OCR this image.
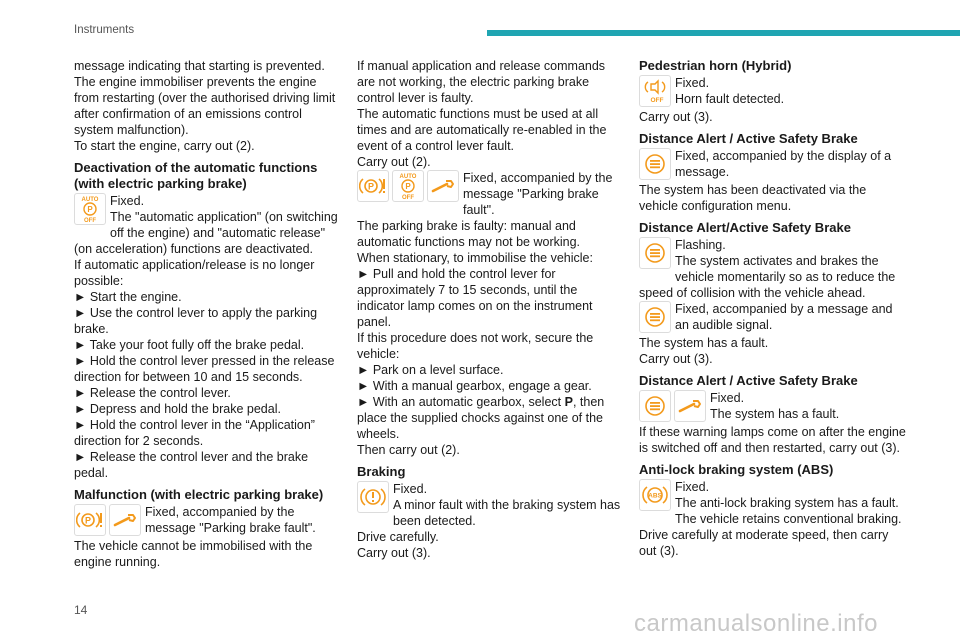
Instruments

message indicating that starting is prevented.

The engine immobiliser prevents the engine from restarting (over the authorised driving limit after confirmation of an emissions control system malfunction).

To start the engine, carry out (2).

Deactivation of the automatic functions (with electric parking brake)
AUTO
P
OFF

Fixed.

The "automatic application" (on switching off the engine) and "automatic release" (on acceleration) functions are deactivated.

If automatic application/release is no longer possible:

► Start the engine.

► Use the control lever to apply the parking brake.

► Take your foot fully off the brake pedal.

► Hold the control lever pressed in the release direction for between 10 and 15 seconds.

► Release the control lever.

► Depress and hold the brake pedal.

► Hold the control lever in the “Application” direction for 2 seconds.

► Release the control lever and the brake pedal.

Malfunction (with electric parking brake)
P

Fixed, accompanied by the message "Parking brake fault".

The vehicle cannot be immobilised with the engine running.

If manual application and release commands are not working, the electric parking brake control lever is faulty.

The automatic functions must be used at all times and are automatically re-enabled in the event of a control lever fault.

Carry out (2).

P
AUTO
P
OFF

Fixed, accompanied by the message "Parking brake fault".

The parking brake is faulty: manual and automatic functions may not be working.

When stationary, to immobilise the vehicle:

► Pull and hold the control lever for approximately 7 to 15 seconds, until the indicator lamp comes on on the instrument panel.

If this procedure does not work, secure the vehicle:

► Park on a level surface.

► With a manual gearbox, engage a gear.

► With an automatic gearbox, select P, then place the supplied chocks against one of the wheels.

Then carry out (2).

Braking

Fixed.

A minor fault with the braking system has been detected.

Drive carefully.

Carry out (3).

Pedestrian horn (Hybrid)
OFF

Fixed.

Horn fault detected.

Carry out (3).

Distance Alert / Active Safety Brake

Fixed, accompanied by the display of a message.

The system has been deactivated via the vehicle configuration menu.

Distance Alert/Active Safety Brake

Flashing.

The system activates and brakes the vehicle momentarily so as to reduce the speed of collision with the vehicle ahead.

Fixed, accompanied by a message and an audible signal.

The system has a fault.

Carry out (3).

Distance Alert / Active Safety Brake

Fixed.

The system has a fault.

If these warning lamps come on after the engine is switched off and then restarted, carry out (3).

Anti-lock braking system (ABS)
ABS

Fixed.

The anti-lock braking system has a fault.

The vehicle retains conventional braking.

Drive carefully at moderate speed, then carry out (3).

14	carmanualsonline.info
